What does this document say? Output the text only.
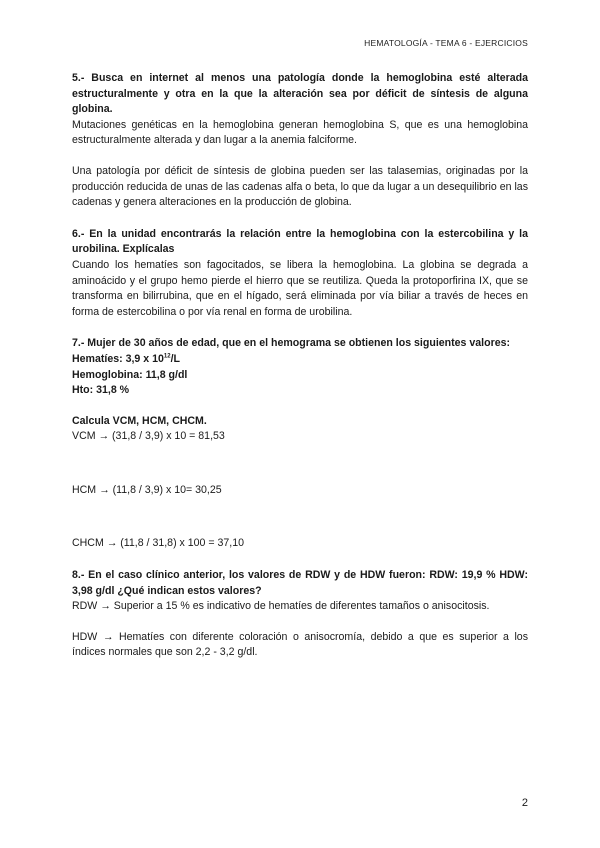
HEMATOLOGÍA - TEMA 6 - EJERCICIOS

5.- Busca en internet al menos una patología donde la hemoglobina esté alterada estructuralmente y otra en la que la alteración sea por déficit de síntesis de alguna globina.

Mutaciones genéticas en la hemoglobina generan hemoglobina S, que es una hemoglobina estructuralmente alterada y dan lugar a la anemia falciforme.

Una patología por déficit de síntesis de globina pueden ser las talasemias, originadas por la producción reducida de unas de las cadenas alfa o beta, lo que da lugar a un desequilibrio en las cadenas y genera alteraciones en la producción de globina.

6.- En la unidad encontrarás la relación entre la hemoglobina con la estercobilina y la urobilina. Explícalas

Cuando los hematíes son fagocitados, se libera la hemoglobina. La globina se degrada a aminoácido y el grupo hemo pierde el hierro que se reutiliza. Queda la protoporfirina IX, que se transforma en bilirrubina, que en el hígado, será eliminada por vía biliar a través de heces en forma de estercobilina o por vía renal en forma de urobilina.

7.- Mujer de 30 años de edad, que en el hemograma se obtienen los siguientes valores:

Hematíes: 3,9 x $10^{12}/L$

Hemoglobina: 11,8 g/dl

Hto: 31,8 %

Calcula VCM, HCM, CHCM.

VCM → (31,8 / 3,9) x 10 = 81,53

HCM → (11,8 / 3,9) x 10= 30,25

CHCM → (11,8 / 31,8) x 100 = 37,10

8.- En el caso clínico anterior, los valores de RDW y de HDW fueron: RDW: 19,9 % HDW: 3,98 g/dl ¿Qué indican estos valores?

RDW → Superior a 15 % es indicativo de hematíes de diferentes tamaños o anisocitosis.

HDW → Hematíes con diferente coloración o anisocromía, debido a que es superior a los índices normales que son 2,2 - 3,2 g/dl.

2
